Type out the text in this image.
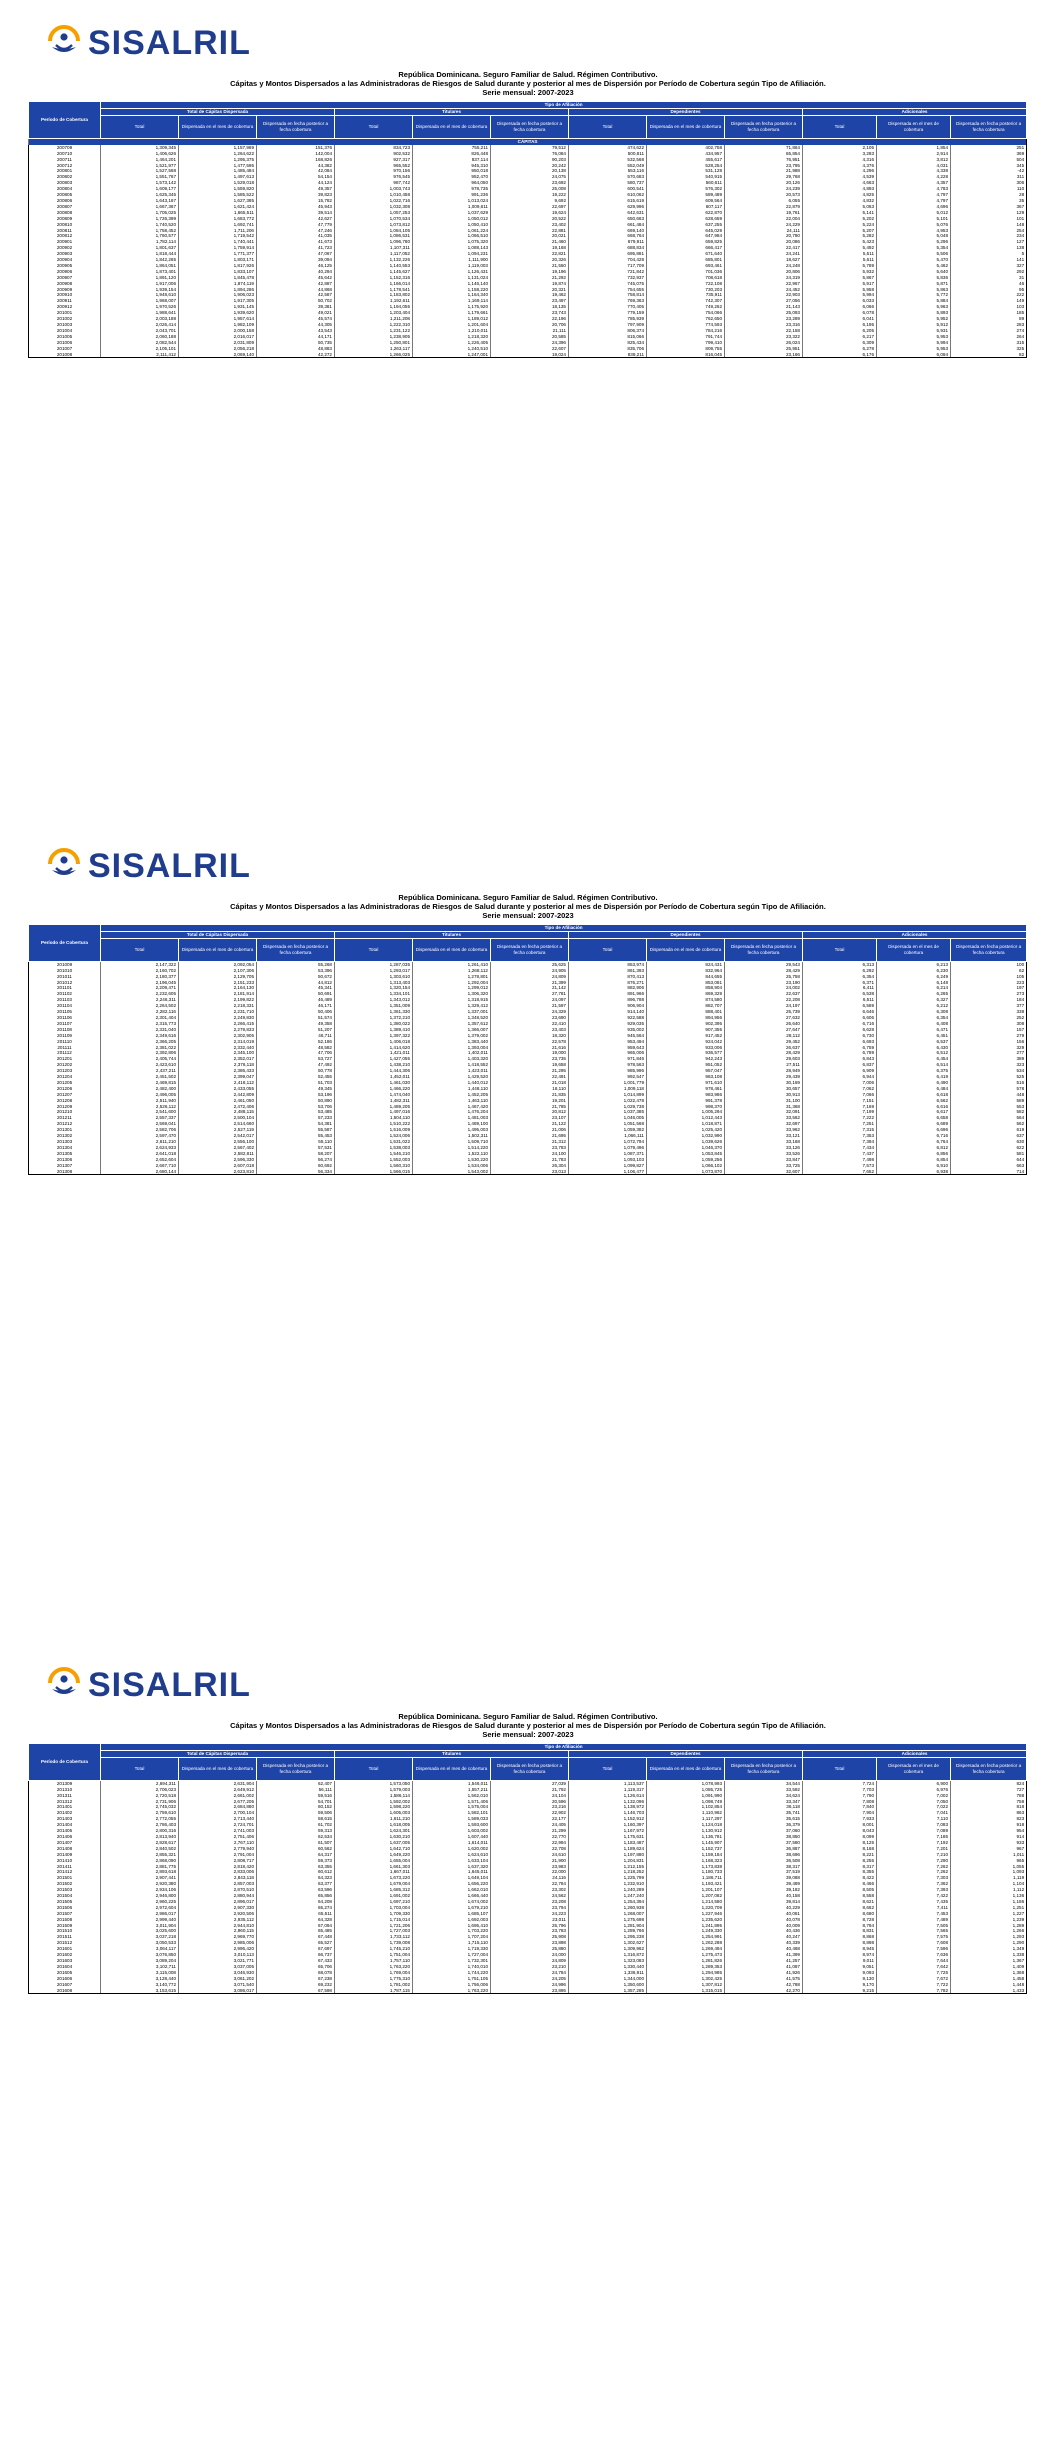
SISALRIL
República Dominicana. Seguro Familiar de Salud. Régimen Contributivo.
Cápitas y Montos Dispersados a las Administradoras de Riesgos de Salud durante y posterior al mes de Dispersión por Período de Cobertura según Tipo de Afiliación.
Serie mensual: 2007-2023
Período de Cobertura	Tipo de Afiliación											
	Total de Cápitas Dispersada			Titulares			Dependientes			Adicionales		
	Total	Dispersada en el mes de cobertura	Dispersada en fecha posterior a fecha cobertura	Total	Dispersada en el mes de cobertura	Dispersada en fecha posterior a fecha cobertura	Total	Dispersada en el mes de cobertura	Dispersada en fecha posterior a fecha cobertura	Total	Dispersada en el mes de cobertura	Dispersada en fecha posterior a fecha cobertura
CÁPITAS												
200709	1,309,345	1,157,969	151,376	834,723	755,211	79,512	474,622	402,758	71,864	2,105	1,854	251
200710	1,406,626	1,264,622	142,004	902,532	826,448	76,084	500,811	434,957	65,854	3,283	2,914	369
200711	1,464,201	1,295,375	168,826	927,317	837,114	90,203	532,568	455,617	76,951	4,316	3,812	504
200712	1,521,977	1,477,595	44,382	965,552	945,310	20,242	552,049	528,254	23,795	4,376	4,031	345
200801	1,527,568	1,485,484	42,084	970,156	950,018	20,138	553,116	531,128	21,988	4,296	4,338	-42
200802	1,551,767	1,497,613	54,154	976,545	952,470	24,075	570,683	540,915	29,768	4,539	4,228	311
200803	1,573,142	1,529,018	44,124	987,742	964,050	23,692	580,737	560,611	20,126	4,663	4,357	306
200804	1,609,177	1,559,820	49,357	1,003,743	978,735	25,008	600,541	576,302	24,239	4,893	4,783	110
200805	1,625,345	1,585,522	39,823	1,010,458	991,236	19,222	610,062	589,489	20,573	4,825	4,797	28
200806	1,643,167	1,627,385	15,782	1,022,716	1,013,024	9,692	615,619	609,564	6,055	4,832	4,797	35
200807	1,667,367	1,621,424	45,943	1,032,308	1,009,611	22,697	629,996	607,117	22,879	5,063	4,696	367
200808	1,705,025	1,665,511	39,514	1,057,253	1,037,629	19,624	642,631	622,870	19,761	5,141	5,012	129
200809	1,726,399	1,683,772	42,627	1,070,534	1,050,012	20,522	650,663	628,659	22,004	5,202	5,101	101
200810	1,740,520	1,692,741	47,779	1,073,812	1,050,410	23,402	661,484	637,255	24,229	5,224	5,076	148
200811	1,758,452	1,711,206	47,246	1,084,105	1,061,224	22,881	669,140	645,029	24,111	5,207	4,953	254
200812	1,760,577	1,719,542	41,035	1,086,531	1,066,510	20,021	668,764	647,984	20,780	5,282	5,048	234
200901	1,782,114	1,740,441	41,673	1,096,780	1,075,320	21,460	679,911	659,825	20,086	5,423	5,296	127
200902	1,801,637	1,759,914	41,723	1,107,311	1,088,143	19,168	688,834	666,417	22,417	5,492	5,354	138
200903	1,818,444	1,771,377	47,067	1,117,052	1,094,231	22,821	695,881	671,640	24,241	5,511	5,506	5
200904	1,842,265	1,803,171	39,094	1,132,226	1,111,900	20,326	704,428	685,801	18,627	5,611	5,470	141
200905	1,864,051	1,817,926	46,125	1,140,553	1,119,003	21,550	717,709	693,461	24,248	5,789	5,462	327
200906	1,873,401	1,833,107	40,294	1,145,627	1,126,431	19,196	721,842	701,036	20,806	5,932	5,640	292
200907	1,891,120	1,845,478	45,642	1,152,316	1,131,024	21,292	732,937	708,618	24,319	5,867	5,836	31
200908	1,917,006	1,874,119	42,887	1,166,014	1,146,140	19,874	745,075	722,108	22,967	5,917	5,871	46
200909	1,939,154	1,894,286	44,868	1,178,541	1,158,220	20,321	754,655	730,203	24,452	5,958	5,863	95
200910	1,948,610	1,906,023	42,587	1,183,802	1,164,340	19,462	758,814	735,911	22,903	5,994	5,772	222
200911	1,968,007	1,917,305	50,702	1,192,611	1,169,114	23,497	769,363	742,307	27,056	6,033	5,884	149
200912	1,970,526	1,931,145	39,381	1,194,055	1,175,920	18,135	770,405	749,262	21,143	6,066	5,963	103
201001	1,988,641	1,939,620	49,021	1,203,404	1,179,661	23,743	779,159	754,066	25,093	6,078	5,893	185
201002	2,003,188	1,957,614	45,574	1,211,208	1,189,012	22,196	785,939	762,650	23,289	6,041	5,952	89
201003	2,026,414	1,982,109	44,305	1,222,310	1,201,604	20,706	797,909	774,593	23,316	6,195	5,912	283
201004	2,043,701	2,000,158	43,543	1,231,122	1,210,011	21,111	806,374	784,216	22,158	6,205	5,931	274
201005	2,060,188	2,016,017	44,171	1,238,905	1,218,320	20,585	815,066	791,744	23,322	6,217	5,953	264
201006	2,082,544	2,031,809	50,735	1,250,801	1,226,405	24,396	825,434	799,410	26,024	6,309	5,994	315
201007	2,105,101	2,056,218	48,883	1,263,117	1,240,510	22,607	835,706	809,755	25,951	6,278	5,953	325
201008	2,111,412	2,069,140	42,272	1,266,025	1,247,001	19,024	839,211	816,045	23,166	6,176	6,094	82
SISALRIL
República Dominicana. Seguro Familiar de Salud. Régimen Contributivo.
Cápitas y Montos Dispersados a las Administradoras de Riesgos de Salud durante y posterior al mes de Dispersión por Período de Cobertura según Tipo de Afiliación.
Serie mensual: 2007-2023
Período de Cobertura	Tipo de Afiliación											
	Total de Cápitas Dispersada			Titulares			Dependientes			Adicionales		
	Total	Dispersada en el mes de cobertura	Dispersada en fecha posterior a fecha cobertura	Total	Dispersada en el mes de cobertura	Dispersada en fecha posterior a fecha cobertura	Total	Dispersada en el mes de cobertura	Dispersada en fecha posterior a fecha cobertura	Total	Dispersada en el mes de cobertura	Dispersada en fecha posterior a fecha cobertura
201009	2,147,322	2,092,054	55,268	1,287,035	1,261,410	25,625	853,974	824,431	29,543	6,313	6,213	100
201010	2,160,702	2,107,306	53,396	1,293,017	1,268,112	24,905	861,393	832,964	28,429	6,292	6,230	62
201011	2,180,377	2,129,705	50,672	1,303,610	1,278,801	24,809	870,413	844,655	25,758	6,354	6,249	105
201012	2,196,045	2,151,233	44,812	1,313,403	1,292,004	21,399	876,271	853,081	23,190	6,371	6,148	223
201101	2,209,471	2,164,130	45,341	1,320,154	1,299,012	21,142	882,906	858,904	24,002	6,411	6,214	197
201102	2,232,605	2,181,914	50,691	1,334,101	1,306,320	27,781	891,966	869,329	22,637	6,538	6,265	273
201103	2,246,311	2,199,822	46,489	1,343,012	1,318,915	24,097	896,788	874,580	22,208	6,511	6,327	184
201104	2,264,502	2,218,331	46,171	1,351,009	1,329,412	21,597	906,904	882,707	24,197	6,589	6,212	377
201105	2,282,116	2,231,710	50,406	1,361,330	1,337,001	24,329	914,140	888,401	25,739	6,646	6,308	338
201106	2,301,404	2,249,830	51,574	1,372,210	1,348,520	23,690	922,588	894,956	27,632	6,606	6,354	252
201107	2,315,773	2,266,415	49,358	1,380,022	1,357,612	22,410	929,035	902,395	26,640	6,716	6,408	308
201108	2,331,040	2,279,833	51,207	1,389,410	1,366,007	23,403	935,002	907,355	27,647	6,628	6,471	157
201109	2,349,616	2,302,905	46,711	1,397,322	1,379,002	18,320	945,564	917,452	28,112	6,730	6,451	279
201110	2,366,205	2,314,019	52,186	1,406,018	1,383,440	22,578	953,494	924,042	29,452	6,693	6,537	156
201111	2,381,022	2,332,440	48,582	1,414,620	1,393,004	21,616	959,643	933,006	26,637	6,759	6,430	329
201112	2,392,806	2,345,100	47,706	1,421,011	1,402,011	19,000	965,006	936,577	28,429	6,789	6,512	277
201201	2,405,744	2,352,017	53,727	1,427,055	1,403,320	23,735	971,846	942,243	29,603	6,843	6,454	389
201202	2,423,610	2,376,118	47,492	1,438,210	1,418,552	19,658	978,563	951,052	27,511	6,837	6,514	323
201203	2,437,211	2,386,433	50,778	1,444,306	1,423,011	21,295	985,996	957,047	28,949	6,909	6,375	534
201204	2,451,502	2,399,047	52,455	1,452,011	1,429,520	22,491	992,547	963,108	29,439	6,944	6,419	525
201205	2,469,815	2,418,112	51,703	1,461,030	1,440,012	21,018	1,001,779	971,610	30,169	7,006	6,490	516
201206	2,482,400	2,433,055	49,345	1,466,220	1,448,110	18,110	1,009,118	978,461	30,657	7,062	6,484	578
201207	2,496,005	2,442,809	53,196	1,474,040	1,452,205	21,835	1,014,899	983,986	30,913	7,066	6,618	448
201208	2,511,940	2,461,050	50,890	1,482,311	1,463,110	19,201	1,022,478	991,378	31,100	7,151	6,562	589
201209	2,526,112	2,472,406	53,706	1,489,205	1,467,420	21,785	1,029,738	998,370	31,368	7,169	6,616	553
201210	2,541,600	2,488,115	53,485	1,497,016	1,476,204	20,812	1,037,385	1,005,294	32,091	7,199	6,617	582
201211	2,557,337	2,500,104	57,233	1,504,110	1,481,003	23,107	1,046,005	1,012,443	33,562	7,222	6,658	564
201212	2,569,041	2,514,660	54,381	1,510,222	1,489,100	21,122	1,051,568	1,018,871	32,697	7,251	6,689	562
201301	2,582,706	2,527,119	55,587	1,516,009	1,495,003	21,006	1,059,382	1,025,420	33,962	7,315	6,696	619
201302	2,597,470	2,542,017	55,453	1,524,006	1,502,311	21,695	1,066,111	1,032,990	33,121	7,353	6,716	637
201303	2,611,210	2,556,100	55,110	1,531,022	1,509,710	21,312	1,072,794	1,039,626	33,168	7,394	6,764	630
201304	2,624,933	2,567,402	57,531	1,538,003	1,514,220	23,783	1,079,496	1,046,370	33,126	7,434	6,812	622
201305	2,641,018	2,582,811	58,207	1,546,210	1,522,110	24,100	1,087,371	1,053,845	33,526	7,437	6,856	581
201306	2,652,604	2,596,330	56,274	1,552,003	1,530,220	21,783	1,093,103	1,059,256	33,847	7,498	6,854	644
201307	2,667,710	2,607,018	60,692	1,560,310	1,534,006	26,304	1,099,827	1,066,102	33,725	7,573	6,910	663
201308	2,680,144	2,623,810	56,334	1,566,015	1,543,002	23,013	1,106,477	1,073,870	32,607	7,652	6,938	714
SISALRIL
República Dominicana. Seguro Familiar de Salud. Régimen Contributivo.
Cápitas y Montos Dispersados a las Administradoras de Riesgos de Salud durante y posterior al mes de Dispersión por Período de Cobertura según Tipo de Afiliación.
Serie mensual: 2007-2023
Período de Cobertura	Tipo de Afiliación											
	Total de Cápitas Dispersada			Titulares			Dependientes			Adicionales		
	Total	Dispersada en el mes de cobertura	Dispersada en fecha posterior a fecha cobertura	Total	Dispersada en el mes de cobertura	Dispersada en fecha posterior a fecha cobertura	Total	Dispersada en el mes de cobertura	Dispersada en fecha posterior a fecha cobertura	Total	Dispersada en el mes de cobertura	Dispersada en fecha posterior a fecha cobertura
201309	2,694,311	2,631,904	62,407	1,573,050	1,546,011	27,039	1,113,537	1,078,993	34,544	7,724	6,900	824
201310	2,706,023	2,649,912	56,111	1,579,003	1,557,211	21,792	1,119,317	1,085,725	33,592	7,703	6,976	727
201311	2,720,518	2,661,002	59,516	1,586,114	1,562,010	24,104	1,126,614	1,091,990	34,624	7,790	7,002	788
201312	2,731,906	2,677,205	54,701	1,592,002	1,571,406	20,596	1,132,096	1,098,749	33,347	7,808	7,050	758
201401	2,745,032	2,684,880	60,152	1,598,220	1,575,004	23,216	1,138,972	1,102,854	36,118	7,840	7,022	818
201402	2,759,610	2,700,104	59,506	1,605,003	1,582,101	22,902	1,146,703	1,110,962	35,741	7,904	7,041	863
201403	2,772,055	2,713,440	58,615	1,611,210	1,589,033	22,177	1,152,912	1,117,297	35,615	7,933	7,110	823
201404	2,786,403	2,724,701	61,702	1,618,005	1,593,600	24,405	1,160,397	1,124,018	36,379	8,001	7,083	918
201405	2,800,316	2,741,003	59,313	1,624,301	1,603,002	21,299	1,167,972	1,130,912	37,060	8,043	7,089	954
201406	2,813,940	2,751,406	62,534	1,630,210	1,607,440	22,770	1,175,631	1,136,781	38,850	8,099	7,185	914
201407	2,828,617	2,767,110	61,507	1,637,005	1,614,011	22,994	1,183,487	1,145,907	37,580	8,125	7,192	933
201408	2,840,502	2,779,940	60,562	1,642,710	1,620,002	22,708	1,189,624	1,152,737	36,887	8,168	7,201	967
201409	2,855,321	2,791,004	64,317	1,649,220	1,624,610	24,610	1,197,880	1,159,184	38,696	8,221	7,210	1,011
201410	2,868,090	2,808,717	59,373	1,655,004	1,633,104	21,900	1,204,831	1,168,323	36,508	8,255	7,290	965
201411	2,881,775	2,818,420	63,355	1,661,303	1,637,320	23,983	1,212,155	1,173,838	38,317	8,317	7,262	1,055
201412	2,893,618	2,833,006	60,612	1,667,011	1,645,011	22,000	1,218,252	1,180,733	37,519	8,355	7,262	1,093
201501	2,907,441	2,843,118	64,323	1,673,220	1,649,104	24,116	1,225,799	1,186,711	39,088	8,422	7,303	1,119
201502	2,920,380	2,857,003	63,377	1,679,004	1,656,220	22,784	1,232,910	1,193,421	39,489	8,466	7,362	1,104
201503	2,934,106	2,870,510	63,596	1,685,312	1,662,010	23,302	1,240,289	1,201,107	39,182	8,505	7,393	1,112
201504	2,946,800	2,880,944	65,856	1,691,002	1,666,440	24,562	1,247,240	1,207,082	40,158	8,558	7,422	1,136
201505	2,960,225	2,896,017	64,208	1,697,210	1,674,002	23,208	1,254,394	1,214,580	39,814	8,621	7,435	1,186
201506	2,972,604	2,907,330	65,274	1,703,004	1,679,210	23,794	1,260,938	1,220,709	40,229	8,662	7,411	1,251
201507	2,986,017	2,920,506	65,511	1,709,330	1,685,107	24,223	1,268,007	1,227,946	40,061	8,680	7,453	1,227
201508	2,999,440	2,935,112	64,328	1,715,014	1,692,003	23,011	1,275,698	1,235,620	40,078	8,728	7,489	1,239
201509	3,011,904	2,944,810	67,094	1,721,206	1,695,410	25,796	1,281,904	1,241,895	40,009	8,794	7,505	1,289
201510	3,025,600	2,960,115	65,485	1,727,003	1,703,220	23,783	1,289,766	1,249,330	40,436	8,831	7,565	1,266
201511	3,037,218	2,969,770	67,448	1,733,112	1,707,204	25,908	1,295,238	1,254,991	40,247	8,868	7,575	1,293
201512	3,050,533	2,985,006	65,527	1,739,008	1,715,110	23,898	1,302,627	1,262,288	40,339	8,898	7,608	1,290
201601	3,064,117	2,996,420	67,697	1,745,210	1,719,330	25,880	1,309,962	1,269,494	40,468	8,945	7,596	1,349
201602	3,076,850	3,010,113	66,737	1,751,004	1,727,004	24,000	1,316,872	1,275,473	41,399	8,974	7,636	1,338
201603	3,089,204	3,021,771	67,433	1,757,110	1,732,301	24,809	1,323,083	1,281,826	41,257	9,011	7,644	1,367
201604	3,102,711	3,037,005	65,706	1,763,220	1,740,010	23,210	1,330,440	1,289,353	41,087	9,051	7,642	1,409
201605	3,115,008	3,046,930	68,078	1,769,004	1,744,220	24,784	1,336,911	1,294,985	41,926	9,093	7,725	1,368
201606	3,128,440	3,061,202	67,238	1,775,310	1,751,105	24,205	1,344,000	1,302,425	41,575	9,130	7,672	1,458
201607	3,140,772	3,071,540	69,232	1,781,002	1,756,006	24,996	1,350,600	1,307,812	42,788	9,170	7,722	1,448
201608	3,153,615	3,086,017	67,598	1,787,115	1,763,220	23,895	1,357,285	1,315,015	42,270	9,215	7,782	1,433
